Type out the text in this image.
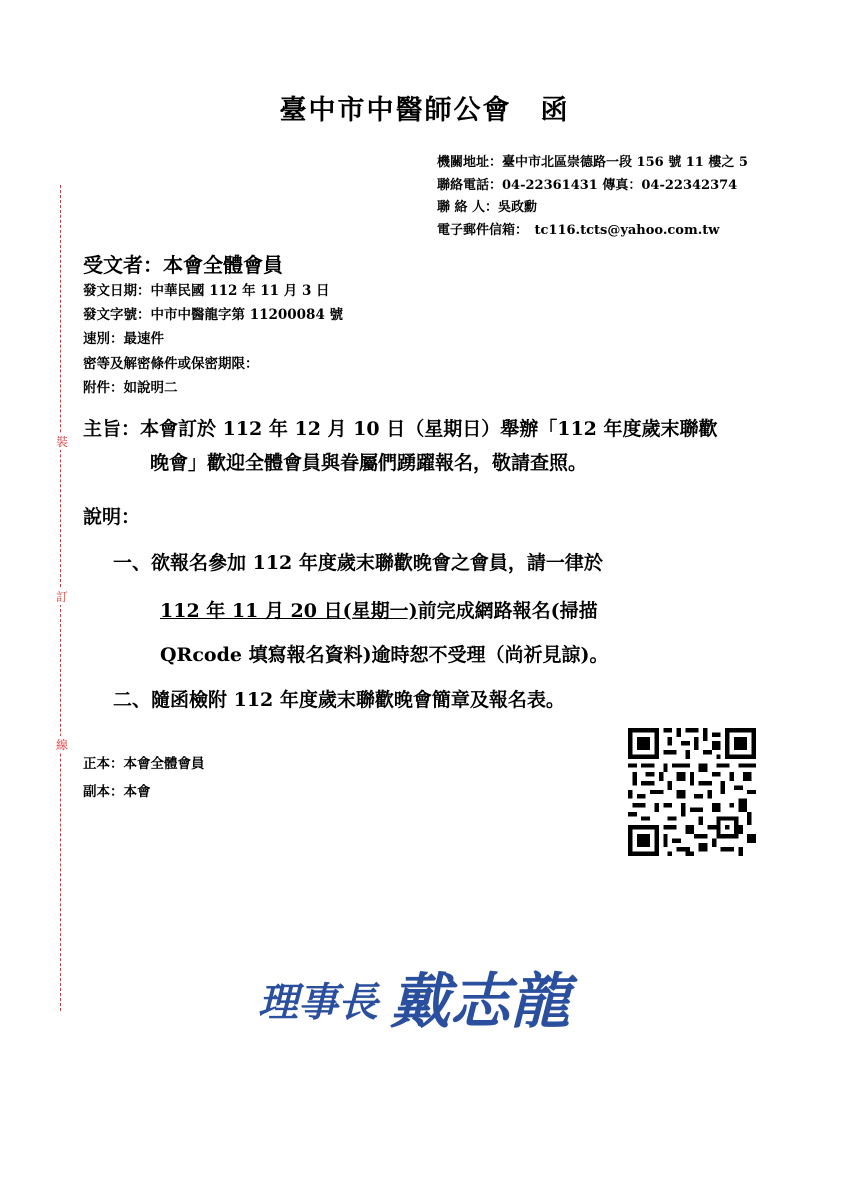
臺中市中醫師公會　函
機關地址：臺中市北區崇德路一段 156 號 11 樓之 5
聯絡電話：04-22361431 傳真：04-22342374
聯 絡 人：吳政勳
電子郵件信箱：　tc116.tcts@yahoo.com.tw
裝
訂
線
受文者：本會全體會員
發文日期：中華民國 112 年 11 月 3 日
發文字號：中市中醫龍字第 11200084 號
速別：最速件
密等及解密條件或保密期限：
附件：如說明二
主旨：本會訂於 112 年 12 月 10 日（星期日）舉辦「112 年度歲末聯歡
晚會」歡迎全體會員與眷屬們踴躍報名，敬請查照。
說明：
一、欲報名參加 112 年度歲末聯歡晚會之會員，請一律於
112 年 11 月 20 日(星期一)前完成網路報名(掃描
QRcode 填寫報名資料)逾時恕不受理（尚祈見諒)。
二、隨函檢附 112 年度歲末聯歡晚會簡章及報名表。
正本：本會全體會員
副本：本會
理事長 戴志龍
